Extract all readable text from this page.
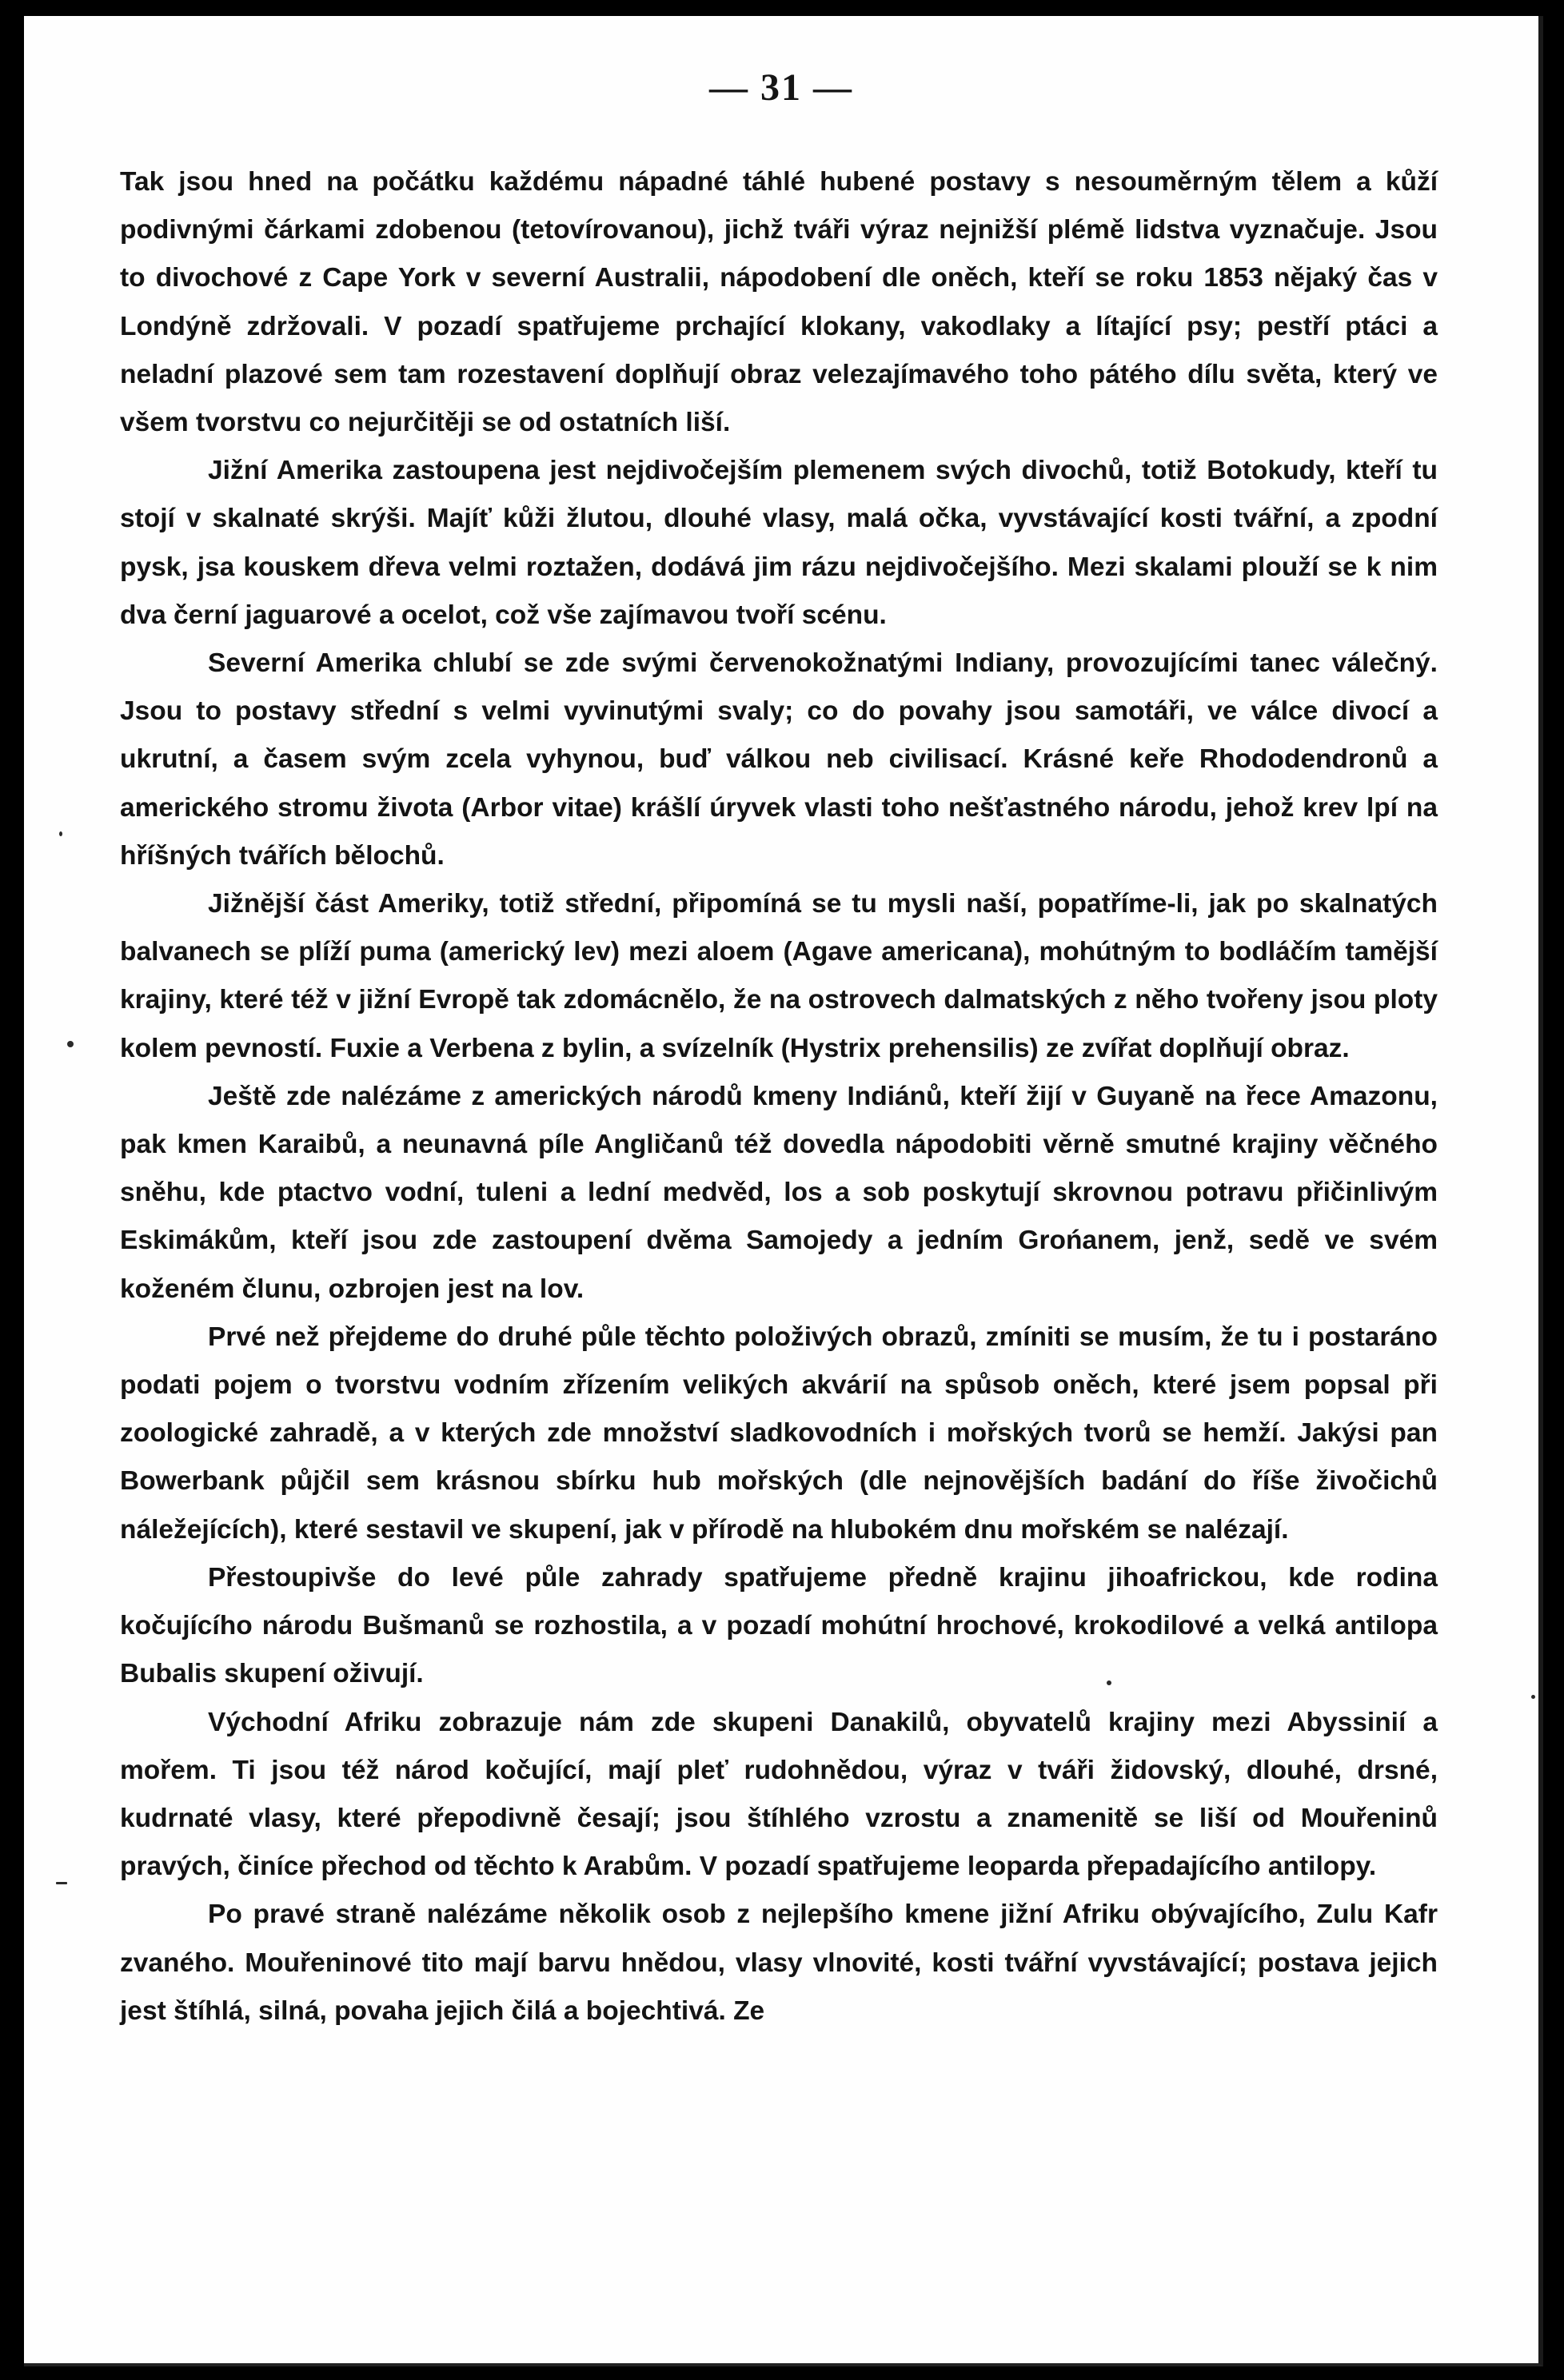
— 31 —

Tak jsou hned na počátku každému nápadné táhlé hubené postavy s nesouměrným tělem a kůží podivnými čárkami zdobenou (tetovírovanou), jichž tváři výraz nejnižší plémě lidstva vyznačuje. Jsou to divochové z Cape York v severní Australii, nápodobení dle oněch, kteří se roku 1853 nějaký čas v Londýně zdržovali. V pozadí spatřujeme prchající klokany, vakodlaky a lítající psy; pestří ptáci a neladní plazové sem tam rozestavení doplňují obraz velezajímavého toho pátého dílu světa, který ve všem tvorstvu co nejurčitěji se od ostatních liší.

Jižní Amerika zastoupena jest nejdivočejším plemenem svých divochů, totiž Botokudy, kteří tu stojí v skalnaté skrýši. Majíť kůži žlutou, dlouhé vlasy, malá očka, vyvstávající kosti tvářní, a zpodní pysk, jsa kouskem dřeva velmi roztažen, dodává jim rázu nejdivočejšího. Mezi skalami plouží se k nim dva černí jaguarové a ocelot, což vše zajímavou tvoří scénu.

Severní Amerika chlubí se zde svými červenokožnatými Indiany, provozujícími tanec válečný. Jsou to postavy střední s velmi vyvinutými svaly; co do povahy jsou samotáři, ve válce divocí a ukrutní, a časem svým zcela vyhynou, buď válkou neb civilisací. Krásné keře Rhododendronů a amerického stromu života (Arbor vitae) krášlí úryvek vlasti toho nešťastného národu, jehož krev lpí na hříšných tvářích bělochů.

Jižnější část Ameriky, totiž střední, připomíná se tu mysli naší, popatříme-li, jak po skalnatých balvanech se plíží puma (americký lev) mezi aloem (Agave americana), mohútným to bodláčím tamější krajiny, které též v jižní Evropě tak zdomácnělo, že na ostrovech dalmatských z něho tvořeny jsou ploty kolem pevností. Fuxie a Verbena z bylin, a svízelník (Hystrix prehensilis) ze zvířat doplňují obraz.

Ještě zde nalézáme z amerických národů kmeny Indiánů, kteří žijí v Guyaně na řece Amazonu, pak kmen Karaibů, a neunavná píle Angličanů též dovedla nápodobiti věrně smutné krajiny věčného sněhu, kde ptactvo vodní, tuleni a lední medvěd, los a sob poskytují skrovnou potravu přičinlivým Eskimákům, kteří jsou zde zastoupení dvěma Samojedy a jedním Grońanem, jenž, sedě ve svém koženém člunu, ozbrojen jest na lov.

Prvé než přejdeme do druhé půle těchto položivých obrazů, zmíniti se musím, že tu i postaráno podati pojem o tvorstvu vodním zřízením velikých akvárií na spůsob oněch, které jsem popsal při zoologické zahradě, a v kterých zde množství sladkovodních i mořských tvorů se hemží. Jakýsi pan Bowerbank půjčil sem krásnou sbírku hub mořských (dle nejnovějších badání do říše živočichů náležejících), které sestavil ve skupení, jak v přírodě na hlubokém dnu mořském se nalézají.

Přestoupivše do levé půle zahrady spatřujeme předně krajinu jihoafrickou, kde rodina kočujícího národu Bušmanů se rozhostila, a v pozadí mohútní hrochové, krokodilové a velká antilopa Bubalis skupení oživují.

Východní Afriku zobrazuje nám zde skupeni Danakilů, obyvatelů krajiny mezi Abyssinií a mořem. Ti jsou též národ kočující, mají pleť rudohnědou, výraz v tváři židovský, dlouhé, drsné, kudrnaté vlasy, které přepodivně česají; jsou štíhlého vzrostu a znamenitě se liší od Mouřeninů pravých, činíce přechod od těchto k Arabům. V pozadí spatřujeme leoparda přepadajícího antilopy.

Po pravé straně nalézáme několik osob z nejlepšího kmene jižní Afriku obývajícího, Zulu Kafr zvaného. Mouřeninové tito mají barvu hnědou, vlasy vlnovité, kosti tvářní vyvstávající; postava jejich jest štíhlá, silná, povaha jejich čilá a bojechtivá. Ze
